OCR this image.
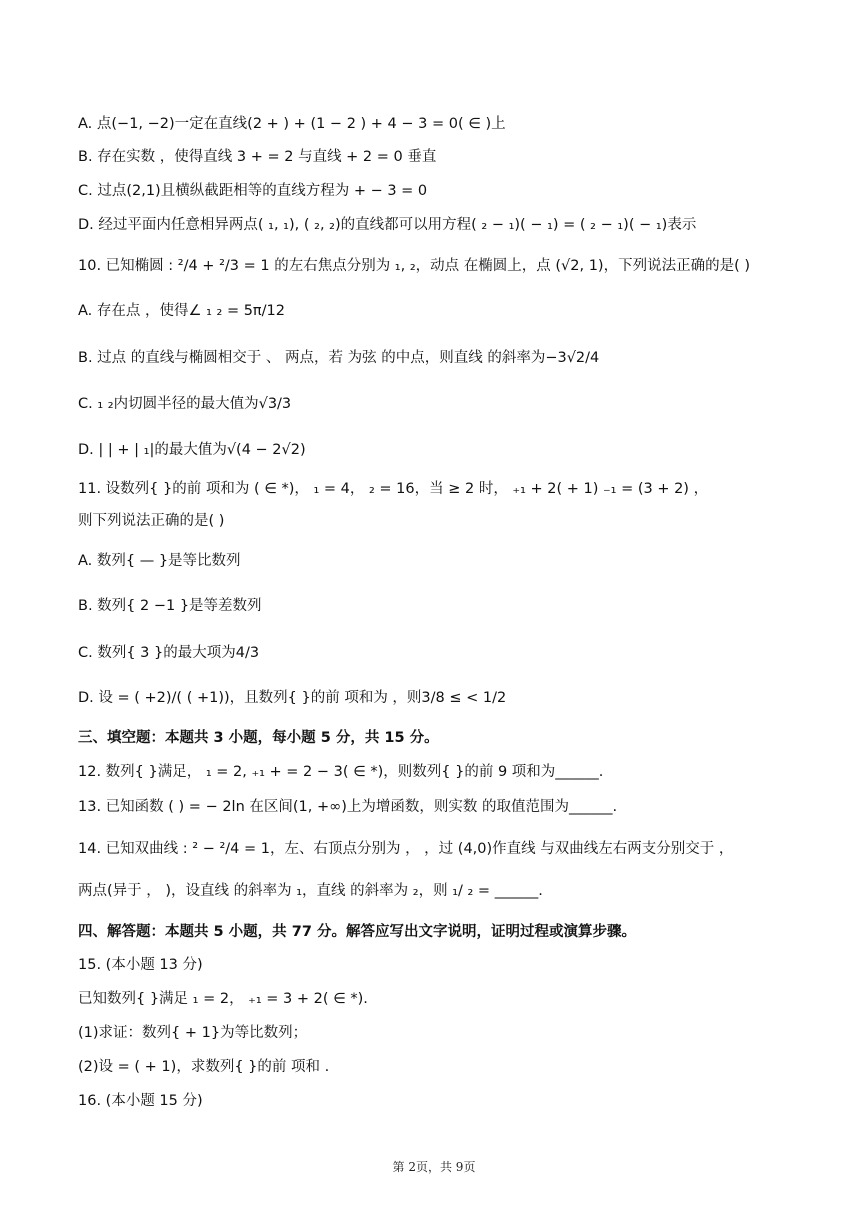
A. 点(−1, −2)一定在直线(2 + ) + (1 − 2 ) + 4 − 3 = 0( ∈ )上
B. 存在实数 ，使得直线 3 + = 2 与直线 + 2 = 0 垂直
C. 过点(2,1)且横纵截距相等的直线方程为 + − 3 = 0
D. 经过平面内任意相异两点( ₁, ₁), ( ₂, ₂)的直线都可以用方程( ₂ − ₁)( − ₁) = ( ₂ − ₁)( − ₁)表示
10. 已知椭圆 : ²/4 + ²/3 = 1 的左右焦点分别为 ₁, ₂，动点 在椭圆上，点 (√2, 1)，下列说法正确的是( )
A. 存在点 ，使得∠ ₁ ₂ = 5π/12
B. 过点 的直线与椭圆相交于 、 两点，若 为弦 的中点，则直线 的斜率为−3√2/4
C. ₁ ₂内切圆半径的最大值为√3/3
D. | | + | ₁|的最大值为√(4 − 2√2)
11. 设数列{ }的前 项和为 ( ∈ *)， ₁ = 4， ₂ = 16，当 ≥ 2 时， ₊₁ + 2( + 1) ₋₁ = (3 + 2) ，
则下列说法正确的是( )
A. 数列{ — }是等比数列
B. 数列{ 2 −1 }是等差数列
C. 数列{ 3 }的最大项为4/3
D. 设 = ( +2)/( ( +1))，且数列{ }的前 项和为 ，则3/8 ≤ < 1/2
三、填空题：本题共 3 小题，每小题 5 分，共 15 分。
12. 数列{ }满足， ₁ = 2, ₊₁ + = 2 − 3( ∈ *)，则数列{ }的前 9 项和为______.
13. 已知函数 ( ) = − 2ln 在区间(1, +∞)上为增函数，则实数 的取值范围为______.
14. 已知双曲线 : ² − ²/4 = 1，左、右顶点分别为 ， ，过 (4,0)作直线 与双曲线左右两支分别交于 ，
两点(异于 ， )，设直线 的斜率为 ₁，直线 的斜率为 ₂，则 ₁/ ₂ = ______.
四、解答题：本题共 5 小题，共 77 分。解答应写出文字说明，证明过程或演算步骤。
15. (本小题 13 分)
已知数列{ }满足 ₁ = 2， ₊₁ = 3 + 2( ∈ *).
(1)求证：数列{ + 1}为等比数列；
(2)设 = ( + 1)，求数列{ }的前 项和 .
16. (本小题 15 分)
第 2页，共 9页
